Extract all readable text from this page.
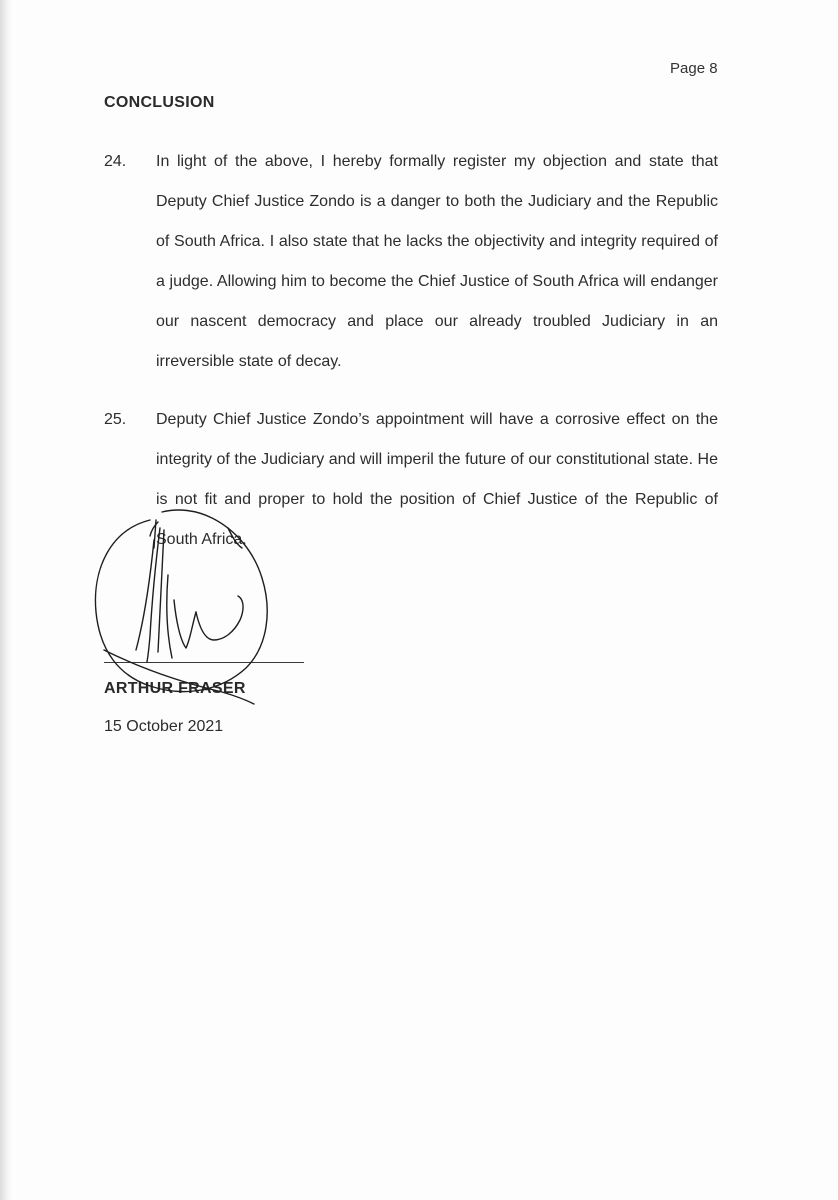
Page 8
CONCLUSION
24. In light of the above, I hereby formally register my objection and state that Deputy Chief Justice Zondo is a danger to both the Judiciary and the Republic of South Africa. I also state that he lacks the objectivity and integrity required of a judge. Allowing him to become the Chief Justice of South Africa will endanger our nascent democracy and place our already troubled Judiciary in an irreversible state of decay.
25. Deputy Chief Justice Zondo’s appointment will have a corrosive effect on the integrity of the Judiciary and will imperil the future of our constitutional state. He is not fit and proper to hold the position of Chief Justice of the Republic of South Africa.
ARTHUR FRASER
15 October 2021
